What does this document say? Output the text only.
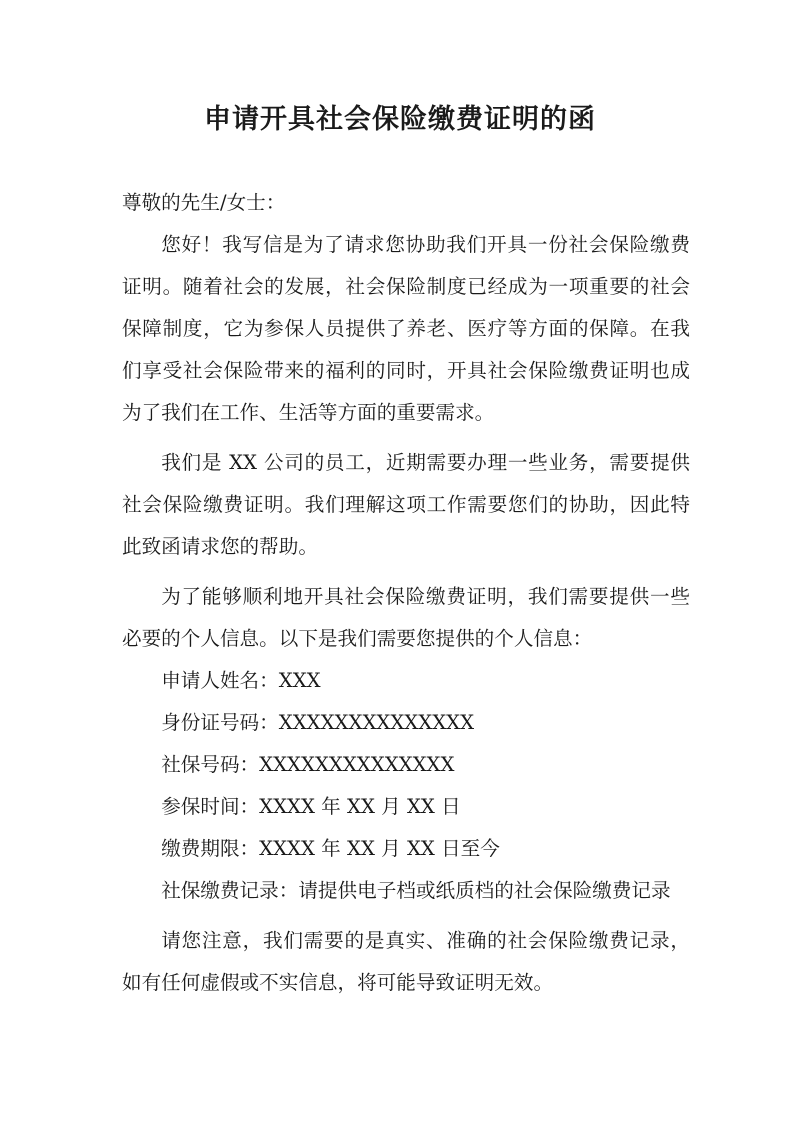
申请开具社会保险缴费证明的函

尊敬的先生/女士：

您好！我写信是为了请求您协助我们开具一份社会保险缴费证明。随着社会的发展，社会保险制度已经成为一项重要的社会保障制度，它为参保人员提供了养老、医疗等方面的保障。在我们享受社会保险带来的福利的同时，开具社会保险缴费证明也成为了我们在工作、生活等方面的重要需求。

我们是 XX 公司的员工，近期需要办理一些业务，需要提供社会保险缴费证明。我们理解这项工作需要您们的协助，因此特此致函请求您的帮助。

为了能够顺利地开具社会保险缴费证明，我们需要提供一些必要的个人信息。以下是我们需要您提供的个人信息：

申请人姓名：XXX

身份证号码：XXXXXXXXXXXXXX

社保号码：XXXXXXXXXXXXXX

参保时间：XXXX 年 XX 月 XX 日

缴费期限：XXXX 年 XX 月 XX 日至今

社保缴费记录：请提供电子档或纸质档的社会保险缴费记录

请您注意，我们需要的是真实、准确的社会保险缴费记录，如有任何虚假或不实信息，将可能导致证明无效。
